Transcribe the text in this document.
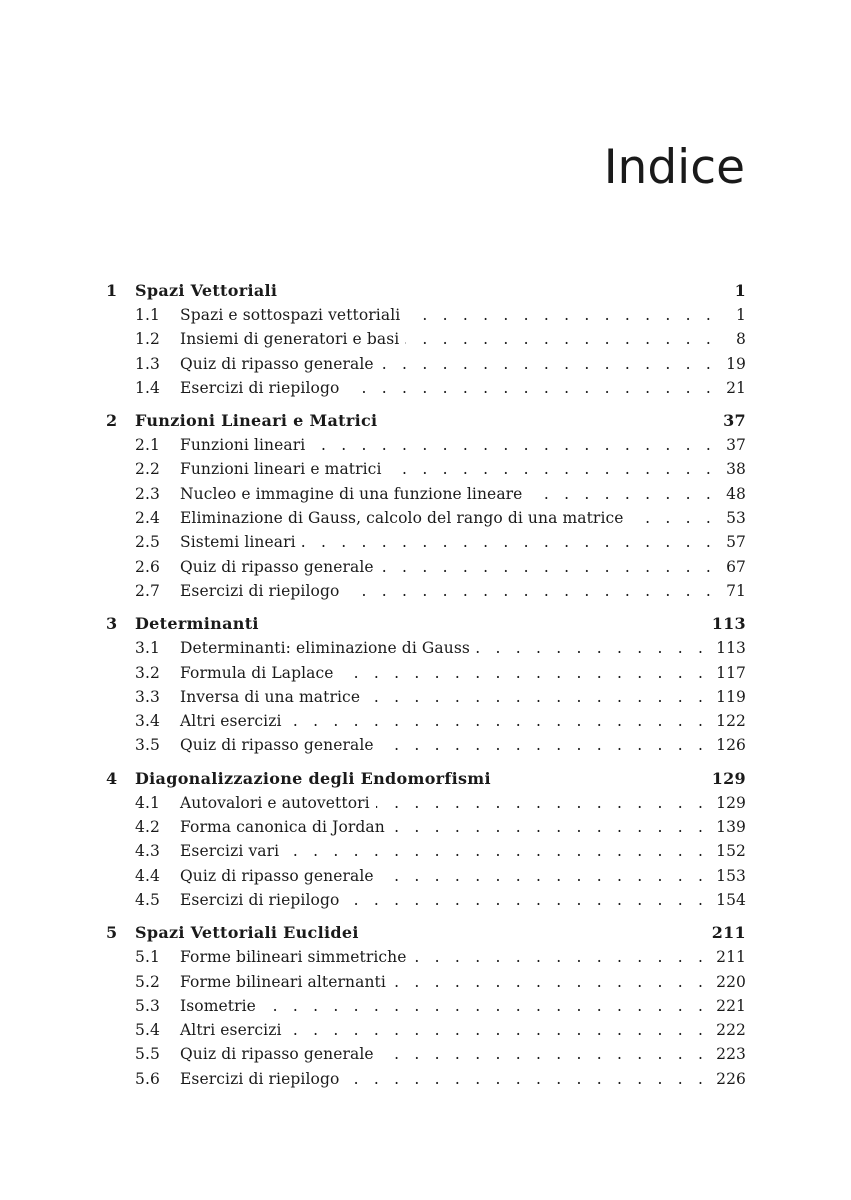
Indice
1	Spazi Vettoriali	1
1.1	Spazi e sottospazi vettoriali . . .	1
1.2	Insiemi di generatori e basi . . .	8
1.3	Quiz di ripasso generale . . .	19
1.4	Esercizi di riepilogo . . .	21
2	Funzioni Lineari e Matrici	37
2.1	Funzioni lineari . . .	37
2.2	Funzioni lineari e matrici . . .	38
2.3	Nucleo e immagine di una funzione lineare . . .	48
2.4	Eliminazione di Gauss, calcolo del rango di una matrice . . .	53
2.5	Sistemi lineari . . .	57
2.6	Quiz di ripasso generale . . .	67
2.7	Esercizi di riepilogo . . .	71
3	Determinanti	113
3.1	Determinanti: eliminazione di Gauss . . .	113
3.2	Formula di Laplace . . .	117
3.3	Inversa di una matrice . . .	119
3.4	Altri esercizi . . .	122
3.5	Quiz di ripasso generale . . .	126
4	Diagonalizzazione degli Endomorfismi	129
4.1	Autovalori e autovettori . . .	129
4.2	Forma canonica di Jordan . . .	139
4.3	Esercizi vari . . .	152
4.4	Quiz di ripasso generale . . .	153
4.5	Esercizi di riepilogo . . .	154
5	Spazi Vettoriali Euclidei	211
5.1	Forme bilineari simmetriche . . .	211
5.2	Forme bilineari alternanti . . .	220
5.3	Isometrie . . .	221
5.4	Altri esercizi . . .	222
5.5	Quiz di ripasso generale . . .	223
5.6	Esercizi di riepilogo . . .	226
